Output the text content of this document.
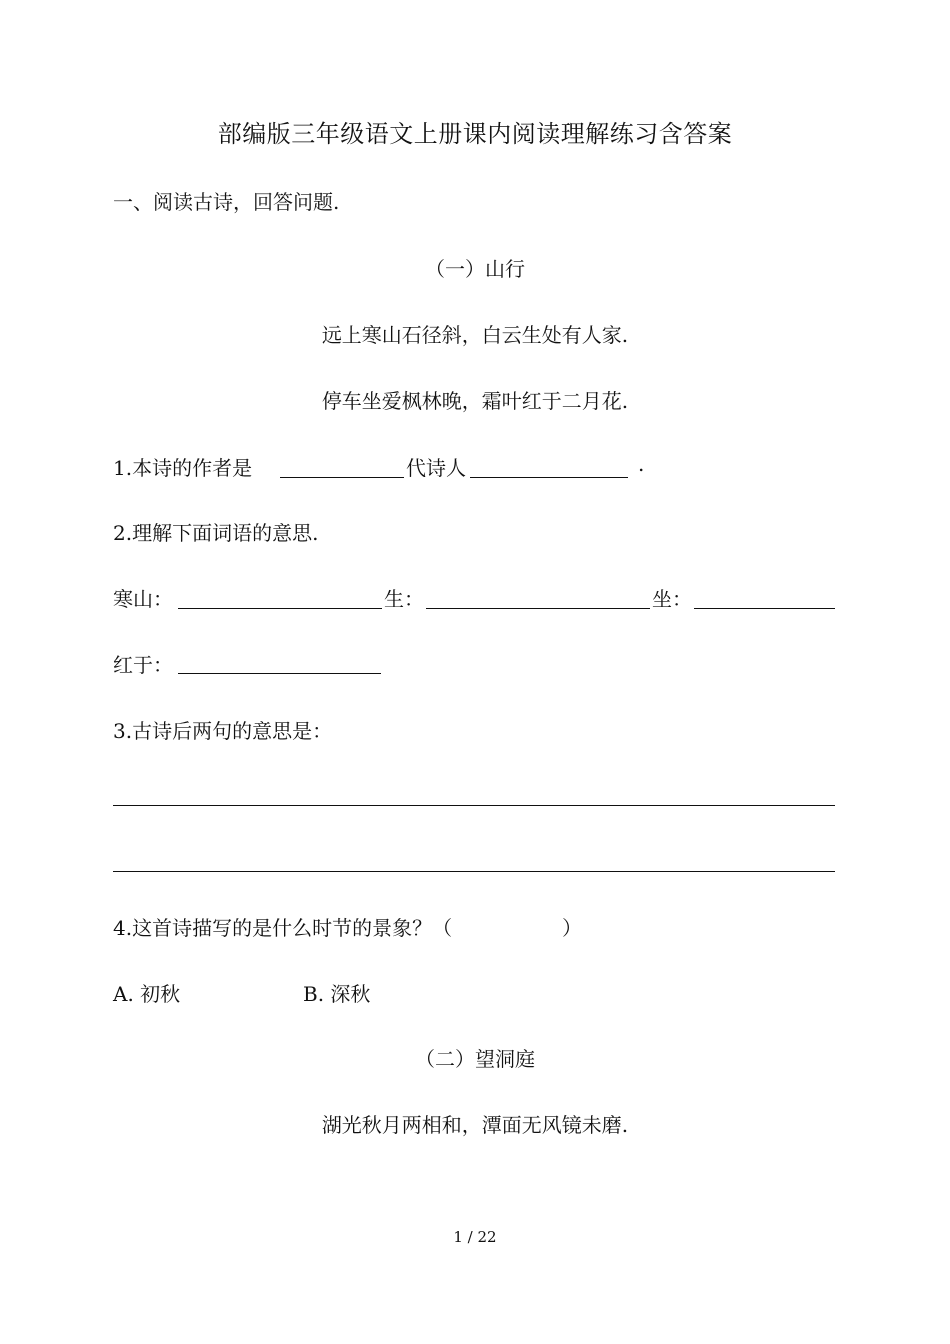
部编版三年级语文上册课内阅读理解练习含答案
一、阅读古诗，回答问题.
（一）山行
远上寒山石径斜，白云生处有人家.
停车坐爱枫林晚，霜叶红于二月花.
1.本诗的作者是	代诗人	.
2.理解下面词语的意思.
寒山：	生：	坐：
红于：
3.古诗后两句的意思是：
4.这首诗描写的是什么时节的景象？（	）
A. 初秋	B. 深秋
（二）望洞庭
湖光秋月两相和，潭面无风镜未磨.
1 / 22
